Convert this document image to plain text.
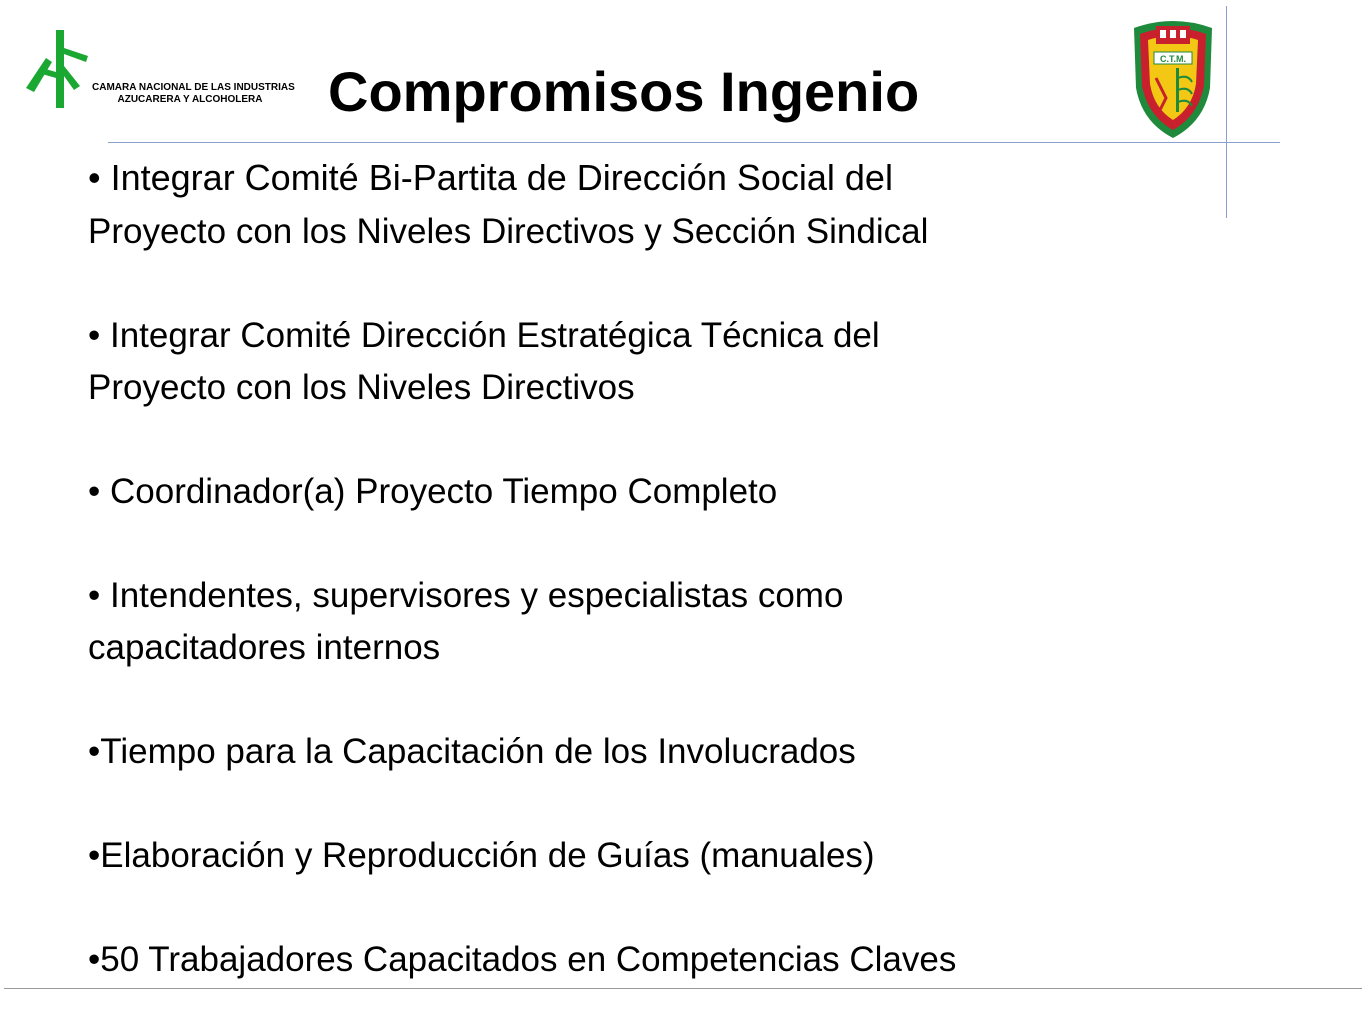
CAMARA NACIONAL DE LAS INDUSTRIAS
AZUCARERA Y ALCOHOLERA	Compromisos Ingenio
C.T.M.
• Integrar Comité Bi-Partita de Dirección Social del
Proyecto con los Niveles Directivos y Sección Sindical
• Integrar Comité Dirección Estratégica Técnica del
Proyecto con los Niveles Directivos
• Coordinador(a) Proyecto Tiempo Completo
• Intendentes, supervisores y especialistas como
capacitadores internos
•Tiempo para la Capacitación de los Involucrados
•Elaboración y Reproducción de Guías (manuales)
•50 Trabajadores Capacitados en Competencias Claves
